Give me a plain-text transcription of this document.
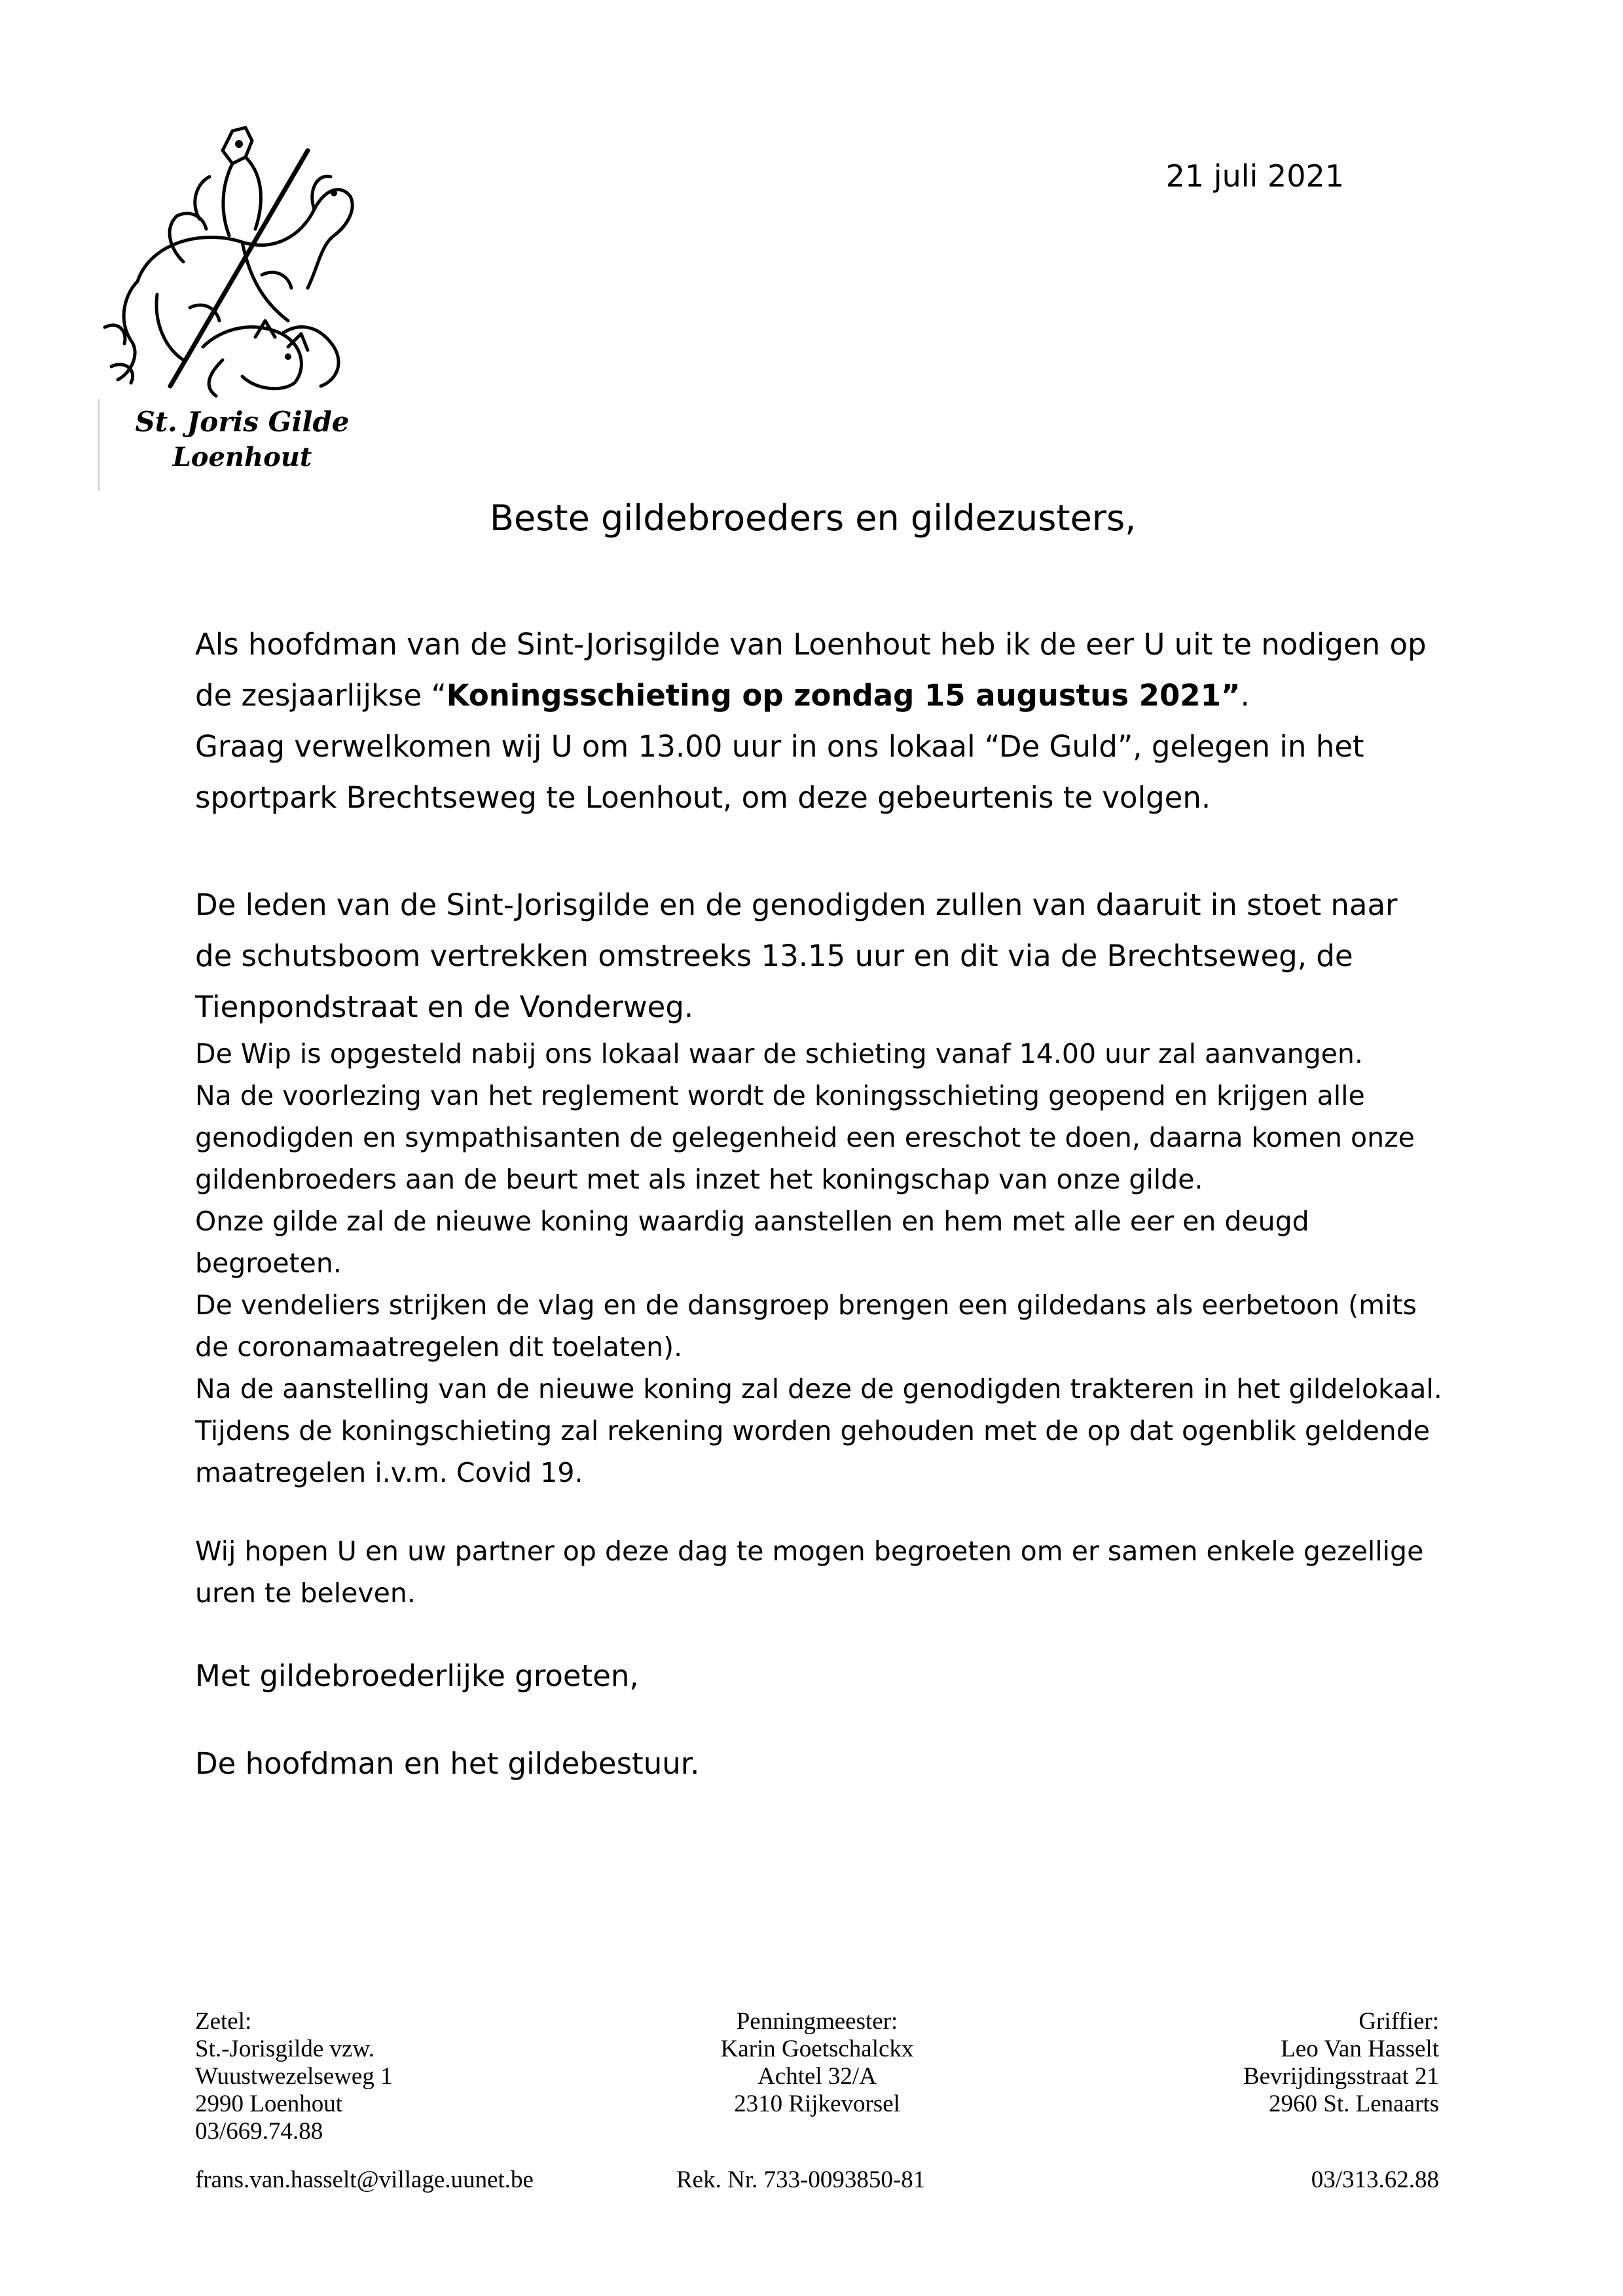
St. Joris Gilde
Loenhout
21 juli 2021
Beste gildebroeders en gildezusters,

Als hoofdman van de Sint-Jorisgilde van Loenhout heb ik de eer U uit te nodigen op

de zesjaarlijkse “Koningsschieting op zondag 15 augustus 2021”.

Graag verwelkomen wij U om 13.00 uur in ons lokaal “De Guld”, gelegen in het

sportpark Brechtseweg te Loenhout, om deze gebeurtenis te volgen.

De leden van de Sint-Jorisgilde en de genodigden zullen van daaruit in stoet naar

de schutsboom vertrekken omstreeks 13.15 uur en dit via de Brechtseweg, de

Tienpondstraat en de Vonderweg.

De Wip is opgesteld nabij ons lokaal waar de schieting vanaf 14.00 uur zal aanvangen.

Na de voorlezing van het reglement wordt de koningsschieting geopend en krijgen alle

genodigden en sympathisanten de gelegenheid een ereschot te doen, daarna komen onze

gildenbroeders aan de beurt met als inzet het koningschap van onze gilde.

Onze gilde zal de nieuwe koning waardig aanstellen en hem met alle eer en deugd

begroeten.

De vendeliers strijken de vlag en de dansgroep brengen een gildedans als eerbetoon (mits

de coronamaatregelen dit toelaten).

Na de aanstelling van de nieuwe koning zal deze de genodigden trakteren in het gildelokaal.

Tijdens de koningschieting zal rekening worden gehouden met de op dat ogenblik geldende

maatregelen i.v.m. Covid 19.

Wij hopen U en uw partner op deze dag te mogen begroeten om er samen enkele gezellige

uren te beleven.

Met gildebroederlijke groeten,

De hoofdman en het gildebestuur.

Zetel:
St.-Jorisgilde vzw.
Wuustwezelseweg 1
2990 Loenhout
03/669.74.88
Penningmeester:
Karin Goetschalckx
Achtel 32/A
2310 Rijkevorsel
Griffier:
Leo Van Hasselt
Bevrijdingsstraat 21
2960 St. Lenaarts
frans.van.hasselt@village.uunet.be	Rek. Nr. 733-0093850-81	03/313.62.88
